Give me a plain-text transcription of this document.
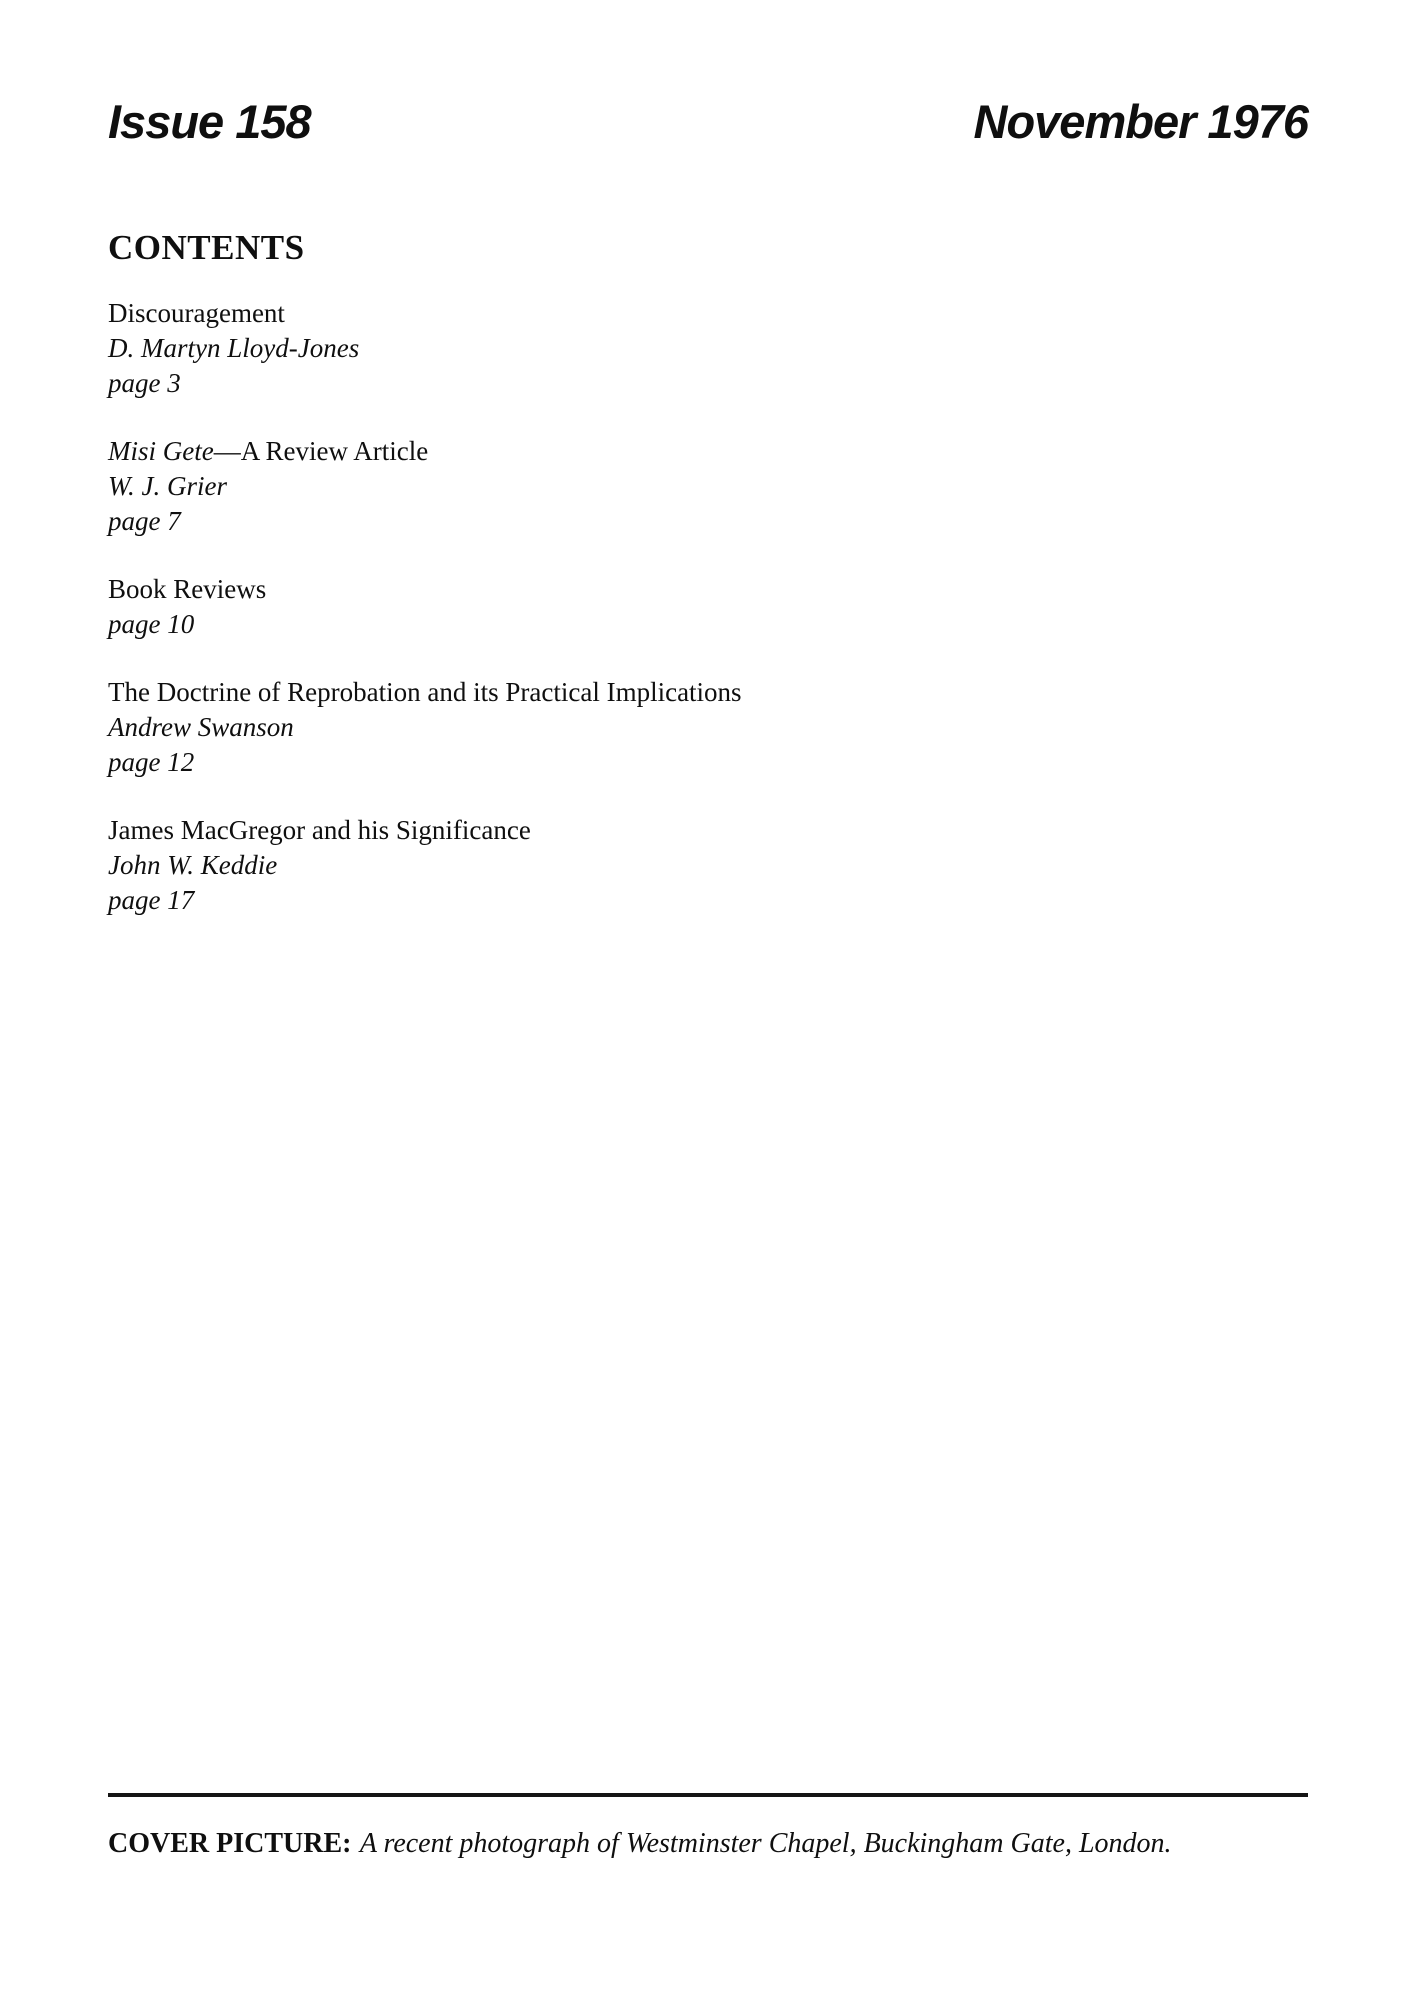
Issue 158	November 1976
CONTENTS

Discouragement

D. Martyn Lloyd-Jones

page 3

Misi Gete—A Review Article

W. J. Grier

page 7

Book Reviews

page 10

The Doctrine of Reprobation and its Practical Implications

Andrew Swanson

page 12

James MacGregor and his Significance

John W. Keddie

page 17

COVER PICTURE: A recent photograph of Westminster Chapel, Buckingham Gate, London.
